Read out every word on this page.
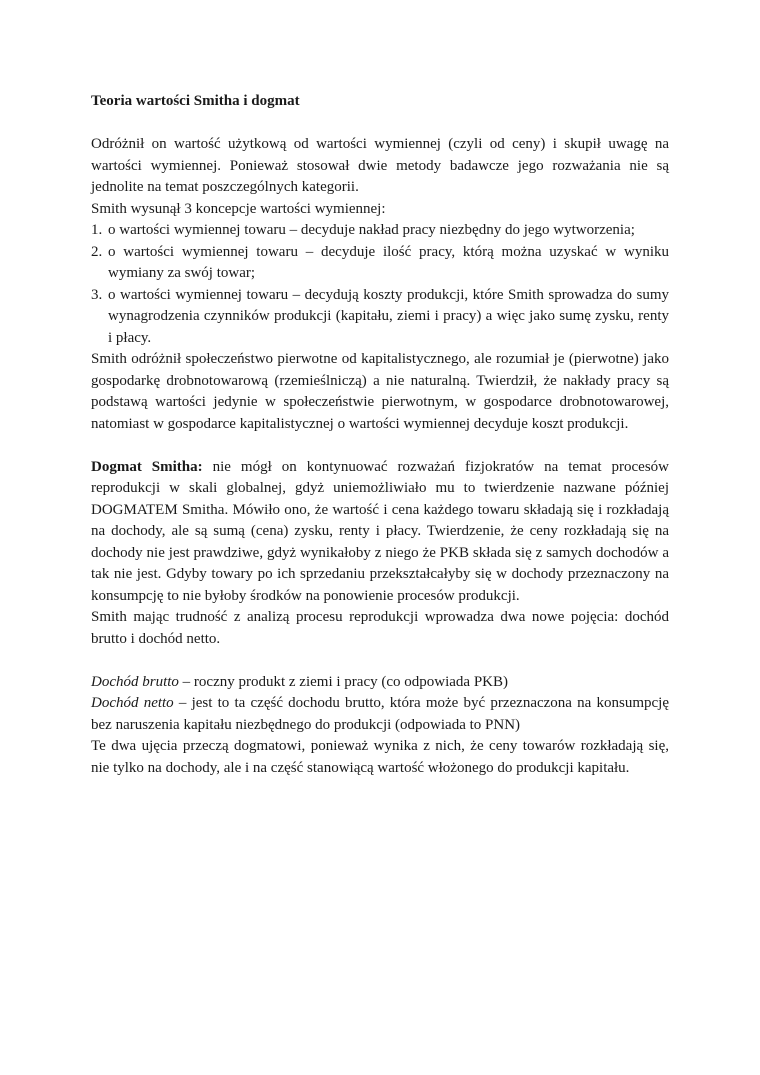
Teoria wartości Smitha i dogmat

Odróżnił on wartość użytkową od wartości wymiennej (czyli od ceny) i skupił uwagę na wartości wymiennej. Ponieważ stosował dwie metody badawcze jego rozważania nie są jednolite na temat poszczególnych kategorii.

Smith wysunął 3 koncepcje wartości wymiennej:

1. o wartości wymiennej towaru – decyduje nakład pracy niezbędny do jego wytworzenia;
2. o wartości wymiennej towaru – decyduje ilość pracy, którą można uzyskać w wyniku wymiany za swój towar;
3. o wartości wymiennej towaru – decydują koszty produkcji, które Smith sprowadza do sumy wynagrodzenia czynników produkcji (kapitału, ziemi i pracy) a więc jako sumę zysku, renty i płacy.

Smith odróżnił społeczeństwo pierwotne od kapitalistycznego, ale rozumiał je (pierwotne) jako gospodarkę drobnotowarową (rzemieślniczą) a nie naturalną. Twierdził, że nakłady pracy są podstawą wartości jedynie w społeczeństwie pierwotnym, w gospodarce drobnotowarowej, natomiast w gospodarce kapitalistycznej o wartości wymiennej decyduje koszt produkcji.

Dogmat Smitha: nie mógł on kontynuować rozważań fizjokratów na temat procesów reprodukcji w skali globalnej, gdyż uniemożliwiało mu to twierdzenie nazwane później DOGMATEM Smitha. Mówiło ono, że wartość i cena każdego towaru składają się i rozkładają na dochody, ale są sumą (cena) zysku, renty i płacy. Twierdzenie, że ceny rozkładają się na dochody nie jest prawdziwe, gdyż wynikałoby z niego że PKB składa się z samych dochodów a tak nie jest. Gdyby towary po ich sprzedaniu przekształcałyby się w dochody przeznaczony na konsumpcję to nie byłoby środków na ponowienie procesów produkcji.

Smith mając trudność z analizą procesu reprodukcji wprowadza dwa nowe pojęcia: dochód brutto i dochód netto.

Dochód brutto – roczny produkt z ziemi i pracy (co odpowiada PKB)

Dochód netto – jest to ta część dochodu brutto, która może być przeznaczona na konsumpcję bez naruszenia kapitału niezbędnego do produkcji (odpowiada to PNN)

Te dwa ujęcia przeczą dogmatowi, ponieważ wynika z nich, że ceny towarów rozkładają się, nie tylko na dochody, ale i na część stanowiącą wartość włożonego do produkcji kapitału.
